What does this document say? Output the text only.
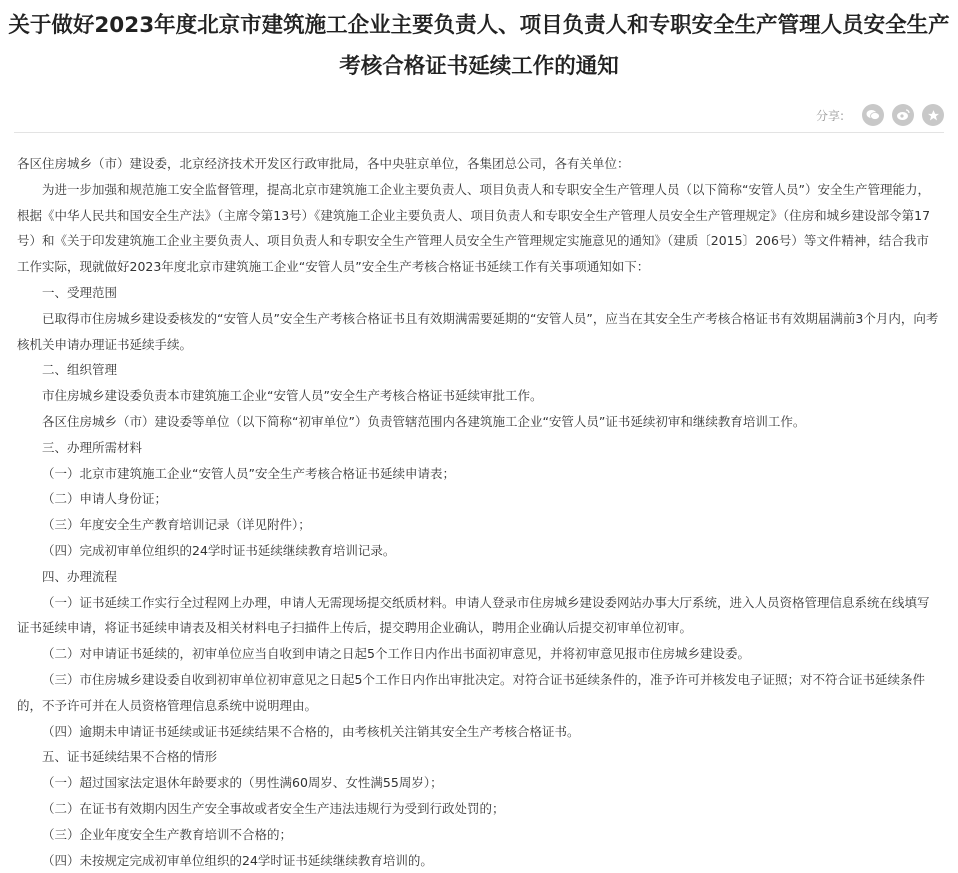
关于做好2023年度北京市建筑施工企业主要负责人、项目负责人和专职安全生产管理人员安全生产考核合格证书延续工作的通知
分享:

各区住房城乡（市）建设委，北京经济技术开发区行政审批局，各中央驻京单位，各集团总公司，各有关单位：

为进一步加强和规范施工安全监督管理，提高北京市建筑施工企业主要负责人、项目负责人和专职安全生产管理人员（以下简称“安管人员”）安全生产管理能力，根据《中华人民共和国安全生产法》（主席令第13号）《建筑施工企业主要负责人、项目负责人和专职安全生产管理人员安全生产管理规定》（住房和城乡建设部令第17号）和《关于印发建筑施工企业主要负责人、项目负责人和专职安全生产管理人员安全生产管理规定实施意见的通知》（建质〔2015〕206号）等文件精神，结合我市工作实际，现就做好2023年度北京市建筑施工企业“安管人员”安全生产考核合格证书延续工作有关事项通知如下：

一、受理范围

已取得市住房城乡建设委核发的“安管人员”安全生产考核合格证书且有效期满需要延期的“安管人员”，应当在其安全生产考核合格证书有效期届满前3个月内，向考核机关申请办理证书延续手续。

二、组织管理

市住房城乡建设委负责本市建筑施工企业“安管人员”安全生产考核合格证书延续审批工作。

各区住房城乡（市）建设委等单位（以下简称“初审单位”）负责管辖范围内各建筑施工企业“安管人员”证书延续初审和继续教育培训工作。

三、办理所需材料

（一）北京市建筑施工企业“安管人员”安全生产考核合格证书延续申请表；

（二）申请人身份证；

（三）年度安全生产教育培训记录（详见附件）；

（四）完成初审单位组织的24学时证书延续继续教育培训记录。

四、办理流程

（一）证书延续工作实行全过程网上办理，申请人无需现场提交纸质材料。申请人登录市住房城乡建设委网站办事大厅系统，进入人员资格管理信息系统在线填写证书延续申请，将证书延续申请表及相关材料电子扫描件上传后，提交聘用企业确认，聘用企业确认后提交初审单位初审。

（二）对申请证书延续的，初审单位应当自收到申请之日起5个工作日内作出书面初审意见，并将初审意见报市住房城乡建设委。

（三）市住房城乡建设委自收到初审单位初审意见之日起5个工作日内作出审批决定。对符合证书延续条件的，准予许可并核发电子证照；对不符合证书延续条件的，不予许可并在人员资格管理信息系统中说明理由。

（四）逾期未申请证书延续或证书延续结果不合格的，由考核机关注销其安全生产考核合格证书。

五、证书延续结果不合格的情形

（一）超过国家法定退休年龄要求的（男性满60周岁、女性满55周岁）；

（二）在证书有效期内因生产安全事故或者安全生产违法违规行为受到行政处罚的；

（三）企业年度安全生产教育培训不合格的；

（四）未按规定完成初审单位组织的24学时证书延续继续教育培训的。
